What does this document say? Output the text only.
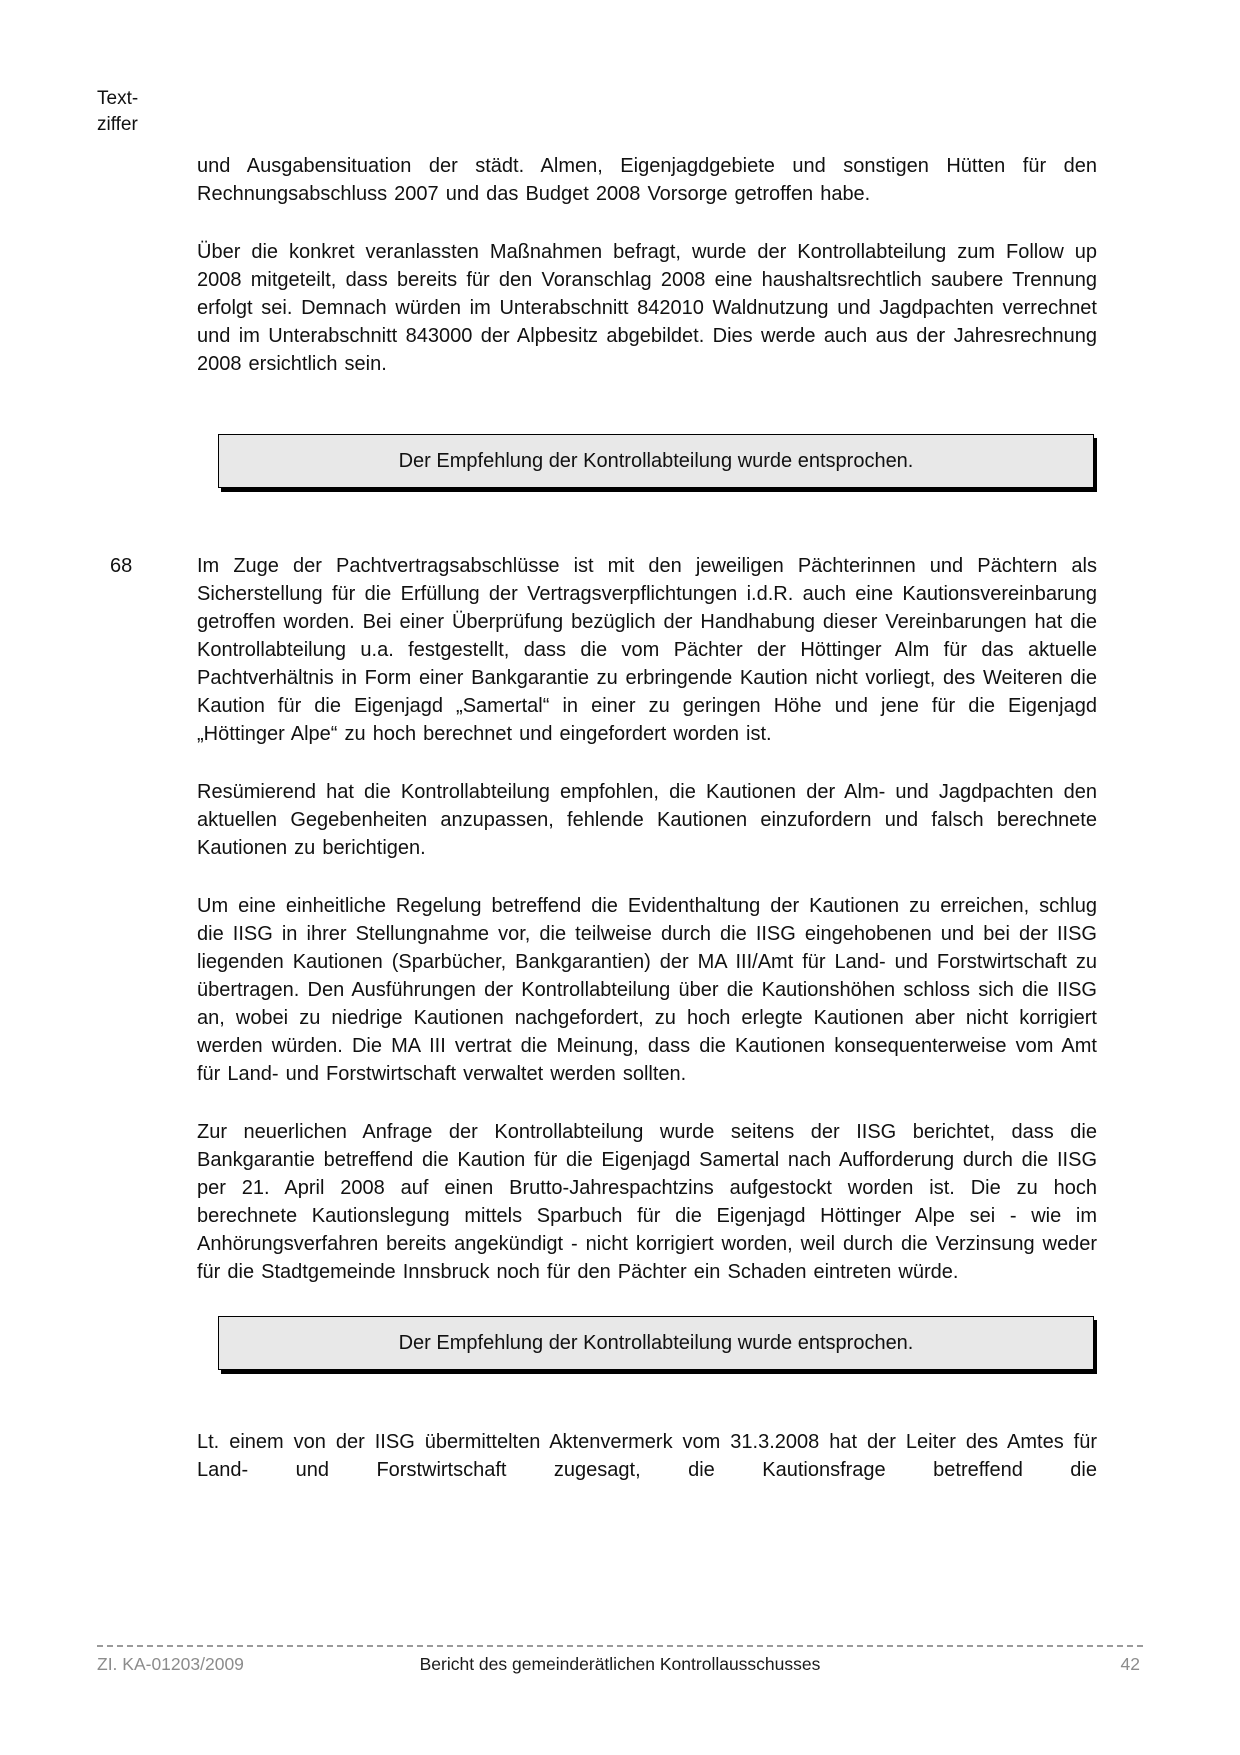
Text-
ziffer

und Ausgabensituation der städt. Almen, Eigenjagdgebiete und sonstigen Hütten für den Rechnungsabschluss 2007 und das Budget 2008 Vorsorge getroffen habe.

Über die konkret veranlassten Maßnahmen befragt, wurde der Kontrollabteilung zum Follow up 2008 mitgeteilt, dass bereits für den Voranschlag 2008 eine haushaltsrechtlich saubere Trennung erfolgt sei. Demnach würden im Unterabschnitt 842010 Waldnutzung und Jagdpachten verrechnet und im Unterabschnitt 843000 der Alpbesitz abgebildet. Dies werde auch aus der Jahresrechnung 2008 ersichtlich sein.

Der Empfehlung der Kontrollabteilung wurde entsprochen.
68	Im Zuge der Pachtvertragsabschlüsse ist mit den jeweiligen Pächterinnen und Pächtern als Sicherstellung für die Erfüllung der Vertragsverpflichtungen i.d.R. auch eine Kautionsvereinbarung getroffen worden. Bei einer Überprüfung bezüglich der Handhabung dieser Vereinbarungen hat die Kontrollabteilung u.a. festgestellt, dass die vom Pächter der Höttinger Alm für das aktuelle Pachtverhältnis in Form einer Bankgarantie zu erbringende Kaution nicht vorliegt, des Weiteren die Kaution für die Eigenjagd „Samertal“ in einer zu geringen Höhe und jene für die Eigenjagd „Höttinger Alpe“ zu hoch berechnet und eingefordert worden ist.

Resümierend hat die Kontrollabteilung empfohlen, die Kautionen der Alm- und Jagdpachten den aktuellen Gegebenheiten anzupassen, fehlende Kautionen einzufordern und falsch berechnete Kautionen zu berichtigen.

Um eine einheitliche Regelung betreffend die Evidenthaltung der Kautionen zu erreichen, schlug die IISG in ihrer Stellungnahme vor, die teilweise durch die IISG eingehobenen und bei der IISG liegenden Kautionen (Sparbücher, Bankgarantien) der MA III/Amt für Land- und Forstwirtschaft zu übertragen. Den Ausführungen der Kontrollabteilung über die Kautionshöhen schloss sich die IISG an, wobei zu niedrige Kautionen nachgefordert, zu hoch erlegte Kautionen aber nicht korrigiert werden würden. Die MA III vertrat die Meinung, dass die Kautionen konsequenterweise vom Amt für Land- und Forstwirtschaft verwaltet werden sollten.

Zur neuerlichen Anfrage der Kontrollabteilung wurde seitens der IISG berichtet, dass die Bankgarantie betreffend die Kaution für die Eigenjagd Samertal nach Aufforderung durch die IISG per 21. April 2008 auf einen Brutto-Jahrespachtzins aufgestockt worden ist. Die zu hoch berechnete Kautionslegung mittels Sparbuch für die Eigenjagd Höttinger Alpe sei - wie im Anhörungsverfahren bereits angekündigt - nicht korrigiert worden, weil durch die Verzinsung weder für die Stadtgemeinde Innsbruck noch für den Pächter ein Schaden eintreten würde.

Der Empfehlung der Kontrollabteilung wurde entsprochen.

Lt. einem von der IISG übermittelten Aktenvermerk vom 31.3.2008 hat der Leiter des Amtes für Land- und Forstwirtschaft zugesagt, die Kautionsfrage betreffend die

ZI. KA-01203/2009	Bericht des gemeinderätlichen Kontrollausschusses	42
